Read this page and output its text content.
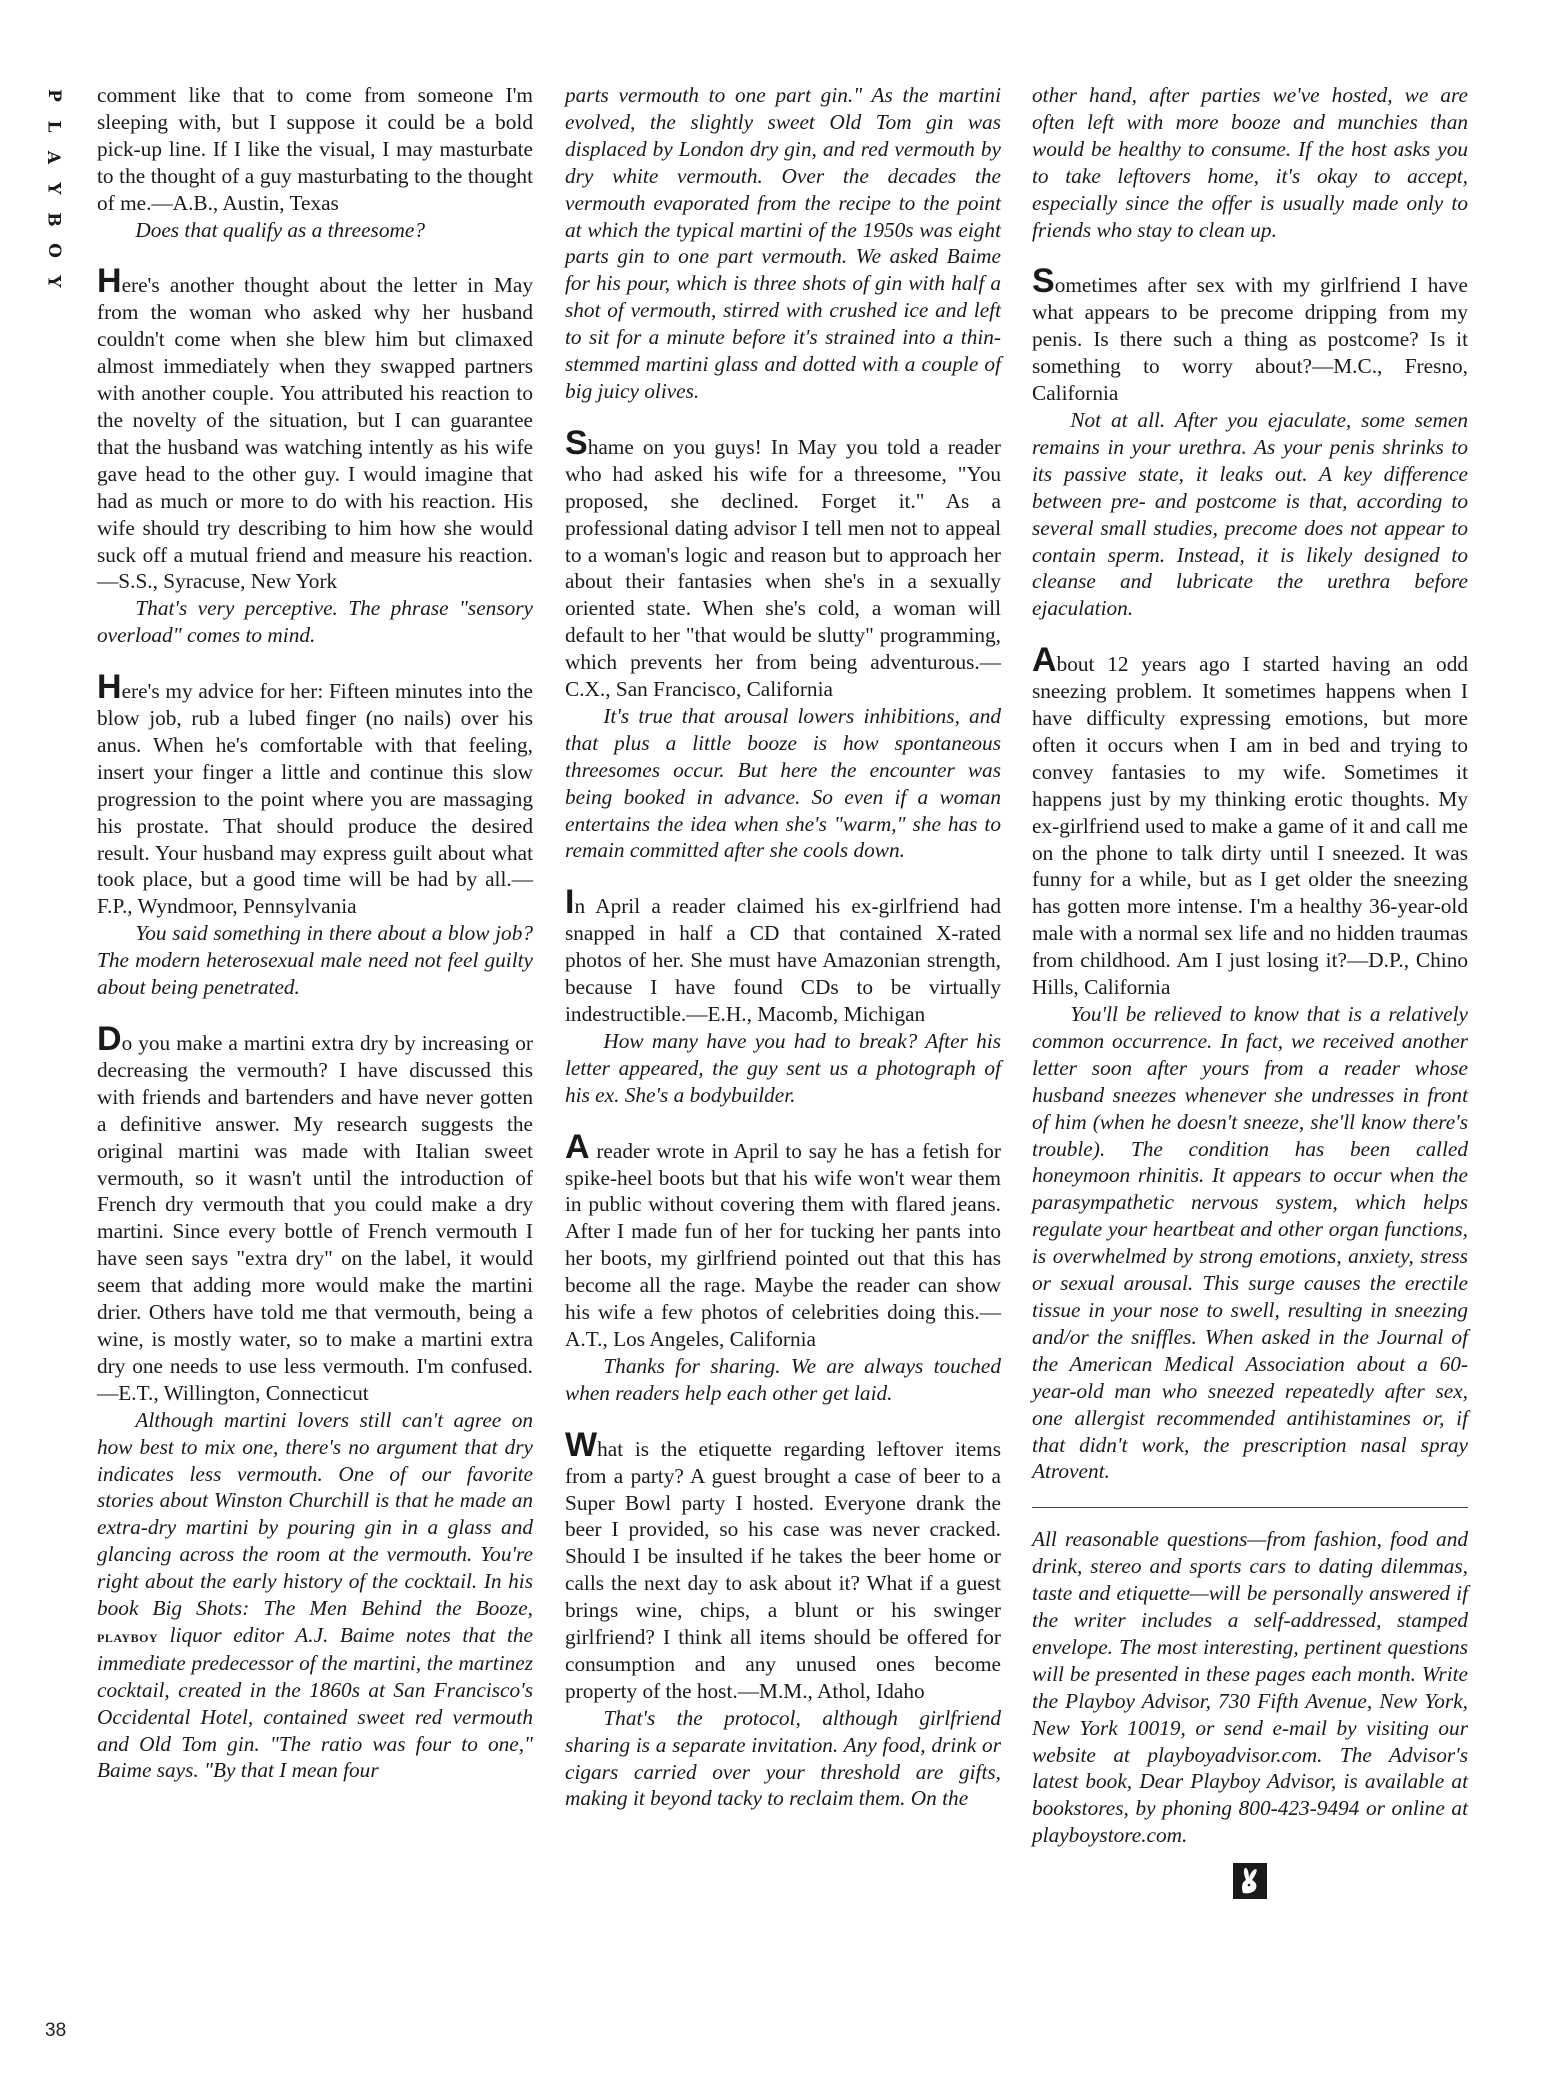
P
L
A
Y
B
O
Y
38

comment like that to come from someone I'm sleeping with, but I suppose it could be a bold pick-up line. If I like the visual, I may masturbate to the thought of a guy masturbating to the thought of me.—A.B., Austin, Texas

Does that qualify as a threesome?

Here's another thought about the letter in May from the woman who asked why her husband couldn't come when she blew him but climaxed almost immediately when they swapped partners with another couple. You attributed his reaction to the novelty of the situation, but I can guarantee that the husband was watching intently as his wife gave head to the other guy. I would imagine that had as much or more to do with his reaction. His wife should try describing to him how she would suck off a mutual friend and measure his reaction.—S.S., Syracuse, New York

That's very perceptive. The phrase "sensory overload" comes to mind.

Here's my advice for her: Fifteen minutes into the blow job, rub a lubed finger (no nails) over his anus. When he's comfortable with that feeling, insert your finger a little and continue this slow progression to the point where you are massaging his prostate. That should produce the desired result. Your husband may express guilt about what took place, but a good time will be had by all.—F.P., Wyndmoor, Pennsylvania

You said something in there about a blow job? The modern heterosexual male need not feel guilty about being penetrated.

Do you make a martini extra dry by increasing or decreasing the vermouth? I have discussed this with friends and bartenders and have never gotten a definitive answer. My research suggests the original martini was made with Italian sweet vermouth, so it wasn't until the introduction of French dry vermouth that you could make a dry martini. Since every bottle of French vermouth I have seen says "extra dry" on the label, it would seem that adding more would make the martini drier. Others have told me that vermouth, being a wine, is mostly water, so to make a martini extra dry one needs to use less vermouth. I'm confused.—E.T., Willington, Connecticut

Although martini lovers still can't agree on how best to mix one, there's no argument that dry indicates less vermouth. One of our favorite stories about Winston Churchill is that he made an extra-dry martini by pouring gin in a glass and glancing across the room at the vermouth. You're right about the early history of the cocktail. In his book Big Shots: The Men Behind the Booze, playboy liquor editor A.J. Baime notes that the immediate predecessor of the martini, the martinez cocktail, created in the 1860s at San Francisco's Occidental Hotel, contained sweet red vermouth and Old Tom gin. "The ratio was four to one," Baime says. "By that I mean four

parts vermouth to one part gin." As the martini evolved, the slightly sweet Old Tom gin was displaced by London dry gin, and red vermouth by dry white vermouth. Over the decades the vermouth evaporated from the recipe to the point at which the typical martini of the 1950s was eight parts gin to one part vermouth. We asked Baime for his pour, which is three shots of gin with half a shot of vermouth, stirred with crushed ice and left to sit for a minute before it's strained into a thin-stemmed martini glass and dotted with a couple of big juicy olives.

Shame on you guys! In May you told a reader who had asked his wife for a threesome, "You proposed, she declined. Forget it." As a professional dating advisor I tell men not to appeal to a woman's logic and reason but to approach her about their fantasies when she's in a sexually oriented state. When she's cold, a woman will default to her "that would be slutty" programming, which prevents her from being adventurous.—C.X., San Francisco, California

It's true that arousal lowers inhibitions, and that plus a little booze is how spontaneous threesomes occur. But here the encounter was being booked in advance. So even if a woman entertains the idea when she's "warm," she has to remain committed after she cools down.

In April a reader claimed his ex-girlfriend had snapped in half a CD that contained X-rated photos of her. She must have Amazonian strength, because I have found CDs to be virtually indestructible.—E.H., Macomb, Michigan

How many have you had to break? After his letter appeared, the guy sent us a photograph of his ex. She's a bodybuilder.

A reader wrote in April to say he has a fetish for spike-heel boots but that his wife won't wear them in public without covering them with flared jeans. After I made fun of her for tucking her pants into her boots, my girlfriend pointed out that this has become all the rage. Maybe the reader can show his wife a few photos of celebrities doing this.—A.T., Los Angeles, California

Thanks for sharing. We are always touched when readers help each other get laid.

What is the etiquette regarding leftover items from a party? A guest brought a case of beer to a Super Bowl party I hosted. Everyone drank the beer I provided, so his case was never cracked. Should I be insulted if he takes the beer home or calls the next day to ask about it? What if a guest brings wine, chips, a blunt or his swinger girlfriend? I think all items should be offered for consumption and any unused ones become property of the host.—M.M., Athol, Idaho

That's the protocol, although girlfriend sharing is a separate invitation. Any food, drink or cigars carried over your threshold are gifts, making it beyond tacky to reclaim them. On the

other hand, after parties we've hosted, we are often left with more booze and munchies than would be healthy to consume. If the host asks you to take leftovers home, it's okay to accept, especially since the offer is usually made only to friends who stay to clean up.

Sometimes after sex with my girlfriend I have what appears to be precome dripping from my penis. Is there such a thing as postcome? Is it something to worry about?—M.C., Fresno, California

Not at all. After you ejaculate, some semen remains in your urethra. As your penis shrinks to its passive state, it leaks out. A key difference between pre- and postcome is that, according to several small studies, precome does not appear to contain sperm. Instead, it is likely designed to cleanse and lubricate the urethra before ejaculation.

About 12 years ago I started having an odd sneezing problem. It sometimes happens when I have difficulty expressing emotions, but more often it occurs when I am in bed and trying to convey fantasies to my wife. Sometimes it happens just by my thinking erotic thoughts. My ex-girlfriend used to make a game of it and call me on the phone to talk dirty until I sneezed. It was funny for a while, but as I get older the sneezing has gotten more intense. I'm a healthy 36-year-old male with a normal sex life and no hidden traumas from childhood. Am I just losing it?—D.P., Chino Hills, California

You'll be relieved to know that is a relatively common occurrence. In fact, we received another letter soon after yours from a reader whose husband sneezes whenever she undresses in front of him (when he doesn't sneeze, she'll know there's trouble). The condition has been called honeymoon rhinitis. It appears to occur when the parasympathetic nervous system, which helps regulate your heartbeat and other organ functions, is overwhelmed by strong emotions, anxiety, stress or sexual arousal. This surge causes the erectile tissue in your nose to swell, resulting in sneezing and/or the sniffles. When asked in the Journal of the American Medical Association about a 60-year-old man who sneezed repeatedly after sex, one allergist recommended antihistamines or, if that didn't work, the prescription nasal spray Atrovent.

All reasonable questions—from fashion, food and drink, stereo and sports cars to dating dilemmas, taste and etiquette—will be personally answered if the writer includes a self-addressed, stamped envelope. The most interesting, pertinent questions will be presented in these pages each month. Write the Playboy Advisor, 730 Fifth Avenue, New York, New York 10019, or send e-mail by visiting our website at playboyadvisor.com. The Advisor's latest book, Dear Playboy Advisor, is available at bookstores, by phoning 800-423-9494 or online at playboystore.com.
